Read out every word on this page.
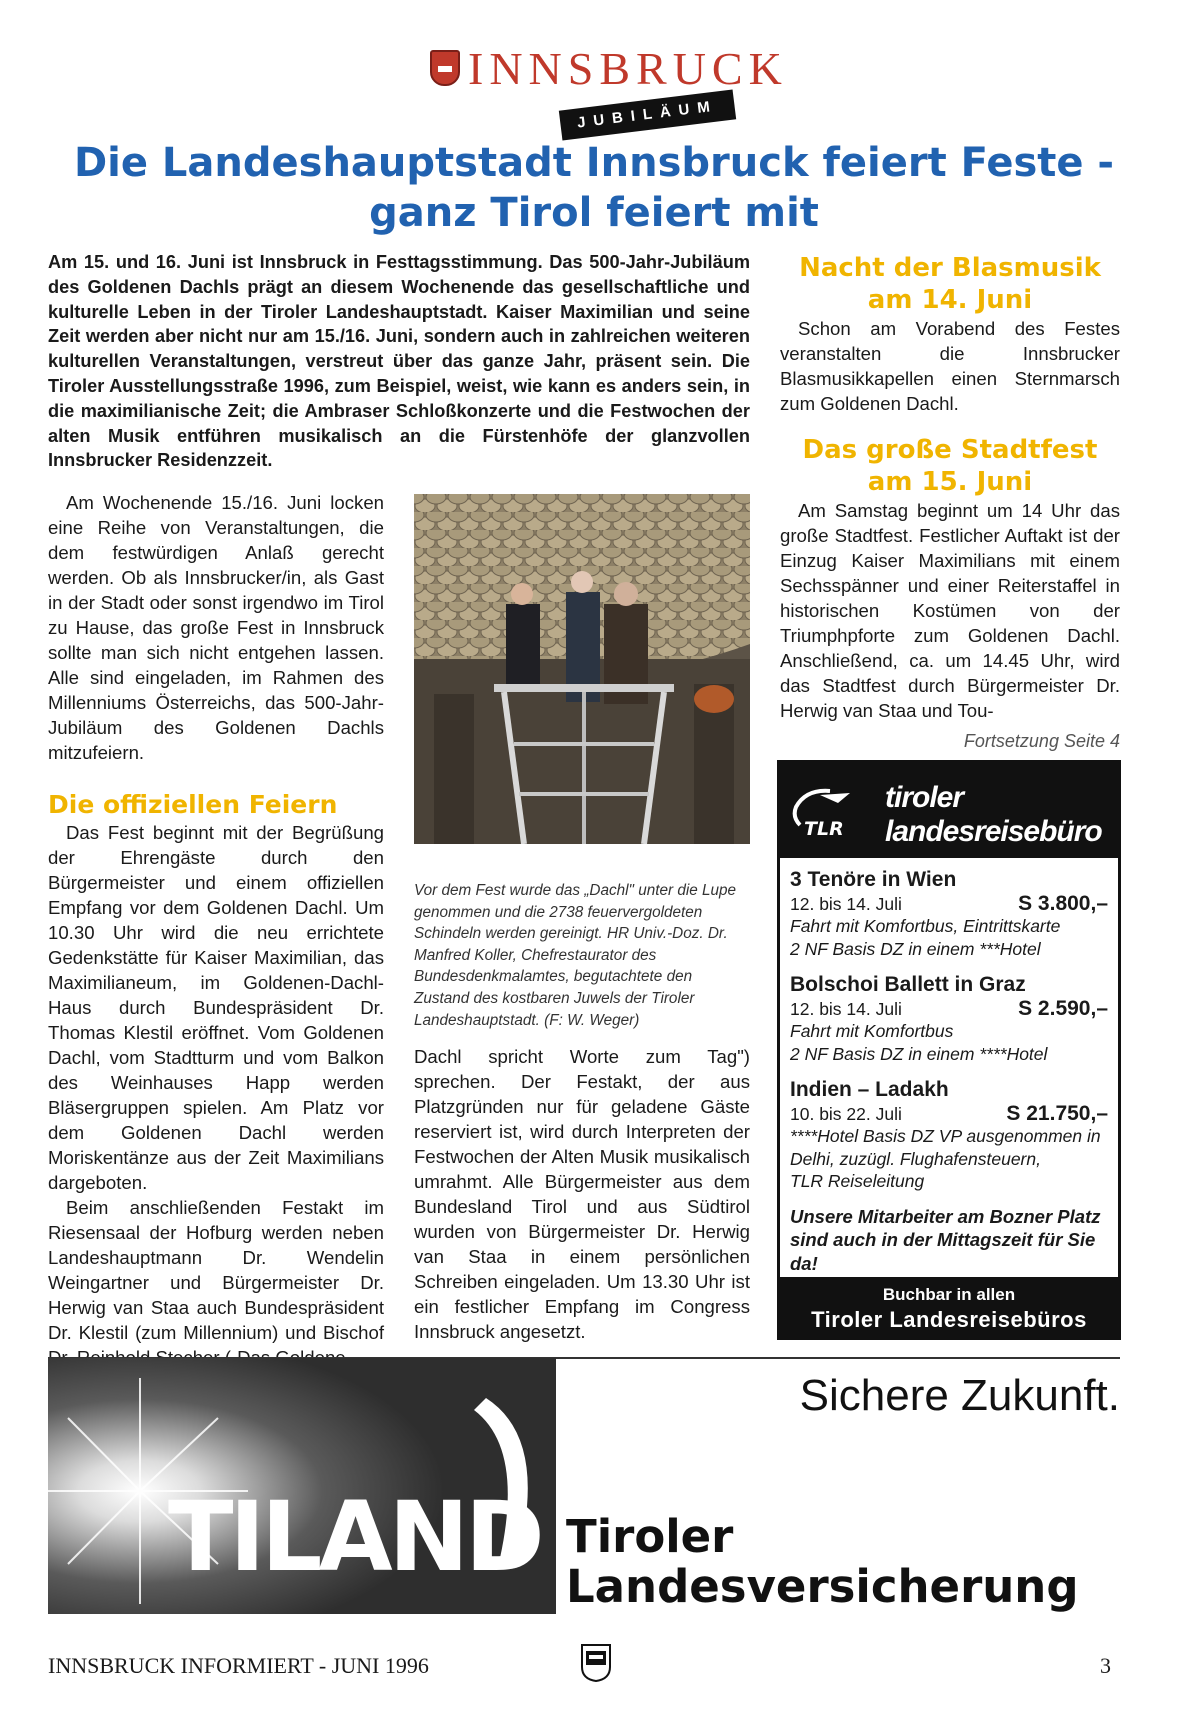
INNSBRUCK
JUBILÄUM
Die Landeshauptstadt Innsbruck feiert Feste -
ganz Tirol feiert mit
Am 15. und 16. Juni ist Innsbruck in Festtagsstimmung. Das 500-Jahr-Jubiläum des Goldenen Dachls prägt an diesem Wochenende das gesellschaftliche und kulturelle Leben in der Tiroler Landeshauptstadt. Kaiser Maximilian und seine Zeit werden aber nicht nur am 15./16. Juni, sondern auch in zahlreichen weiteren kulturellen Veranstaltungen, verstreut über das ganze Jahr, präsent sein. Die Tiroler Ausstellungsstraße 1996, zum Beispiel, weist, wie kann es anders sein, in die maximilianische Zeit; die Ambraser Schloßkonzerte und die Festwochen der alten Musik entführen musikalisch an die Fürstenhöfe der glanzvollen Innsbrucker Residenzzeit.

Am Wochenende 15./16. Juni locken eine Reihe von Veranstaltungen, die dem festwürdigen Anlaß gerecht werden. Ob als Innsbrucker/in, als Gast in der Stadt oder sonst irgendwo im Tirol zu Hause, das große Fest in Innsbruck sollte man sich nicht entgehen lassen. Alle sind eingeladen, im Rahmen des Millenniums Österreichs, das 500-Jahr-Jubiläum des Goldenen Dachls mitzufeiern.

Die offiziellen Feiern

Das Fest beginnt mit der Begrüßung der Ehrengäste durch den Bürgermeister und einem offiziellen Empfang vor dem Goldenen Dachl. Um 10.30 Uhr wird die neu errichtete Gedenkstätte für Kaiser Maximilian, das Maximilianeum, im Goldenen-Dachl-Haus durch Bundespräsident Dr. Thomas Klestil eröffnet. Vom Goldenen Dachl, vom Stadtturm und vom Balkon des Weinhauses Happ werden Bläsergruppen spielen. Am Platz vor dem Goldenen Dachl werden Moriskentänze aus der Zeit Maximilians dargeboten.

Beim anschließenden Festakt im Riesensaal der Hofburg werden neben Landeshauptmann Dr. Wendelin Weingartner und Bürgermeister Dr. Herwig van Staa auch Bundespräsident Dr. Klestil (zum Millennium) und Bischof

Vor dem Fest wurde das „Dachl" unter die Lupe genommen und die 2738 feuervergoldeten Schindeln werden gereinigt. HR Univ.-Doz. Dr. Manfred Koller, Chefrestaurator des Bundesdenkmalamtes, begutachtete den Zustand des kostbaren Juwels der Tiroler Landeshauptstadt. (F: W. Weger)

Dachl spricht Worte zum Tag") sprechen. Der Festakt, der aus Platzgründen nur für geladene Gäste reserviert ist, wird durch Interpreten der Festwochen der Alten Musik musikalisch umrahmt. Alle Bürgermeister aus dem Bundesland Tirol und aus Südtirol wurden von Bürgermeister Dr. Herwig van Staa in einem persönlichen Schreiben eingeladen. Um 13.30 Uhr ist ein festlicher Empfang im Congress Innsbruck angesetzt.

Nacht der Blasmusik
am 14. Juni

Schon am Vorabend des Festes veranstalten die Innsbrucker Blasmusikkapellen einen Sternmarsch zum Goldenen Dachl.

Das große Stadtfest
am 15. Juni

Am Samstag beginnt um 14 Uhr das große Stadtfest. Festlicher Auftakt ist der Einzug Kaiser Maximilians mit einem Sechsspänner und einer Reiterstaffel in historischen Kostümen von der Triumphpforte zum Goldenen Dachl. Anschließend, ca. um 14.45 Uhr, wird das Stadtfest durch Bürgermeister Dr. Herwig van Staa und Tou-

Fortsetzung Seite 4
TLR
tiroler
landesreisebüro
3 Tenöre in Wien
12. bis 14. Juli	S 3.800,–
Fahrt mit Komfortbus, Eintrittskarte
2 NF Basis DZ in einem ***Hotel
Bolschoi Ballett in Graz
12. bis 14. Juli	S 2.590,–
Fahrt mit Komfortbus
2 NF Basis DZ in einem ****Hotel
Indien – Ladakh
10. bis 22. Juli	S 21.750,–
****Hotel Basis DZ VP ausgenommen in Delhi, zuzügl. Flughafensteuern,
TLR Reiseleitung
Unsere Mitarbeiter am Bozner Platz sind auch in der Mittagszeit für Sie da!
Buchbar in allen
Tiroler Landesreisebüros
Sichere Zukunft.
TILAND Tiroler
Landesversicherung
INNSBRUCK INFORMIERT - JUNI 1996	3
